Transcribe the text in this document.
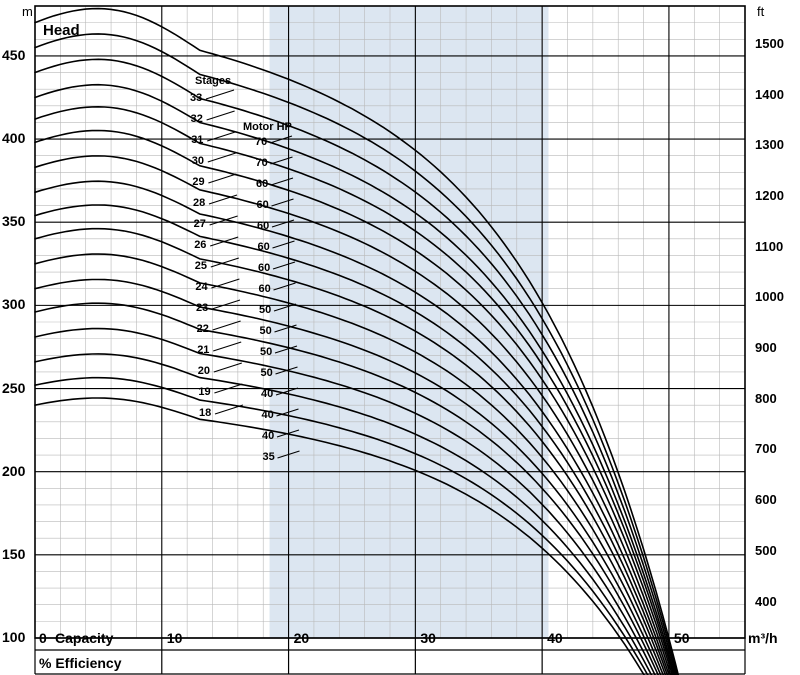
m	ft
Head
0 Capacity	m³/h
% Efficiency
Stages
Motor HP
33
32
31
30
29
28
27
26
25
24
23
22
21
20
19
18
70
70
60
60
60
60
60
60
50
50
50
50
40
40
40
35
100
150
200
250
300
350
400
450
400
500
600
700
800
900
1000
1100
1200
1300
1400
1500
10	20	30	40	50
